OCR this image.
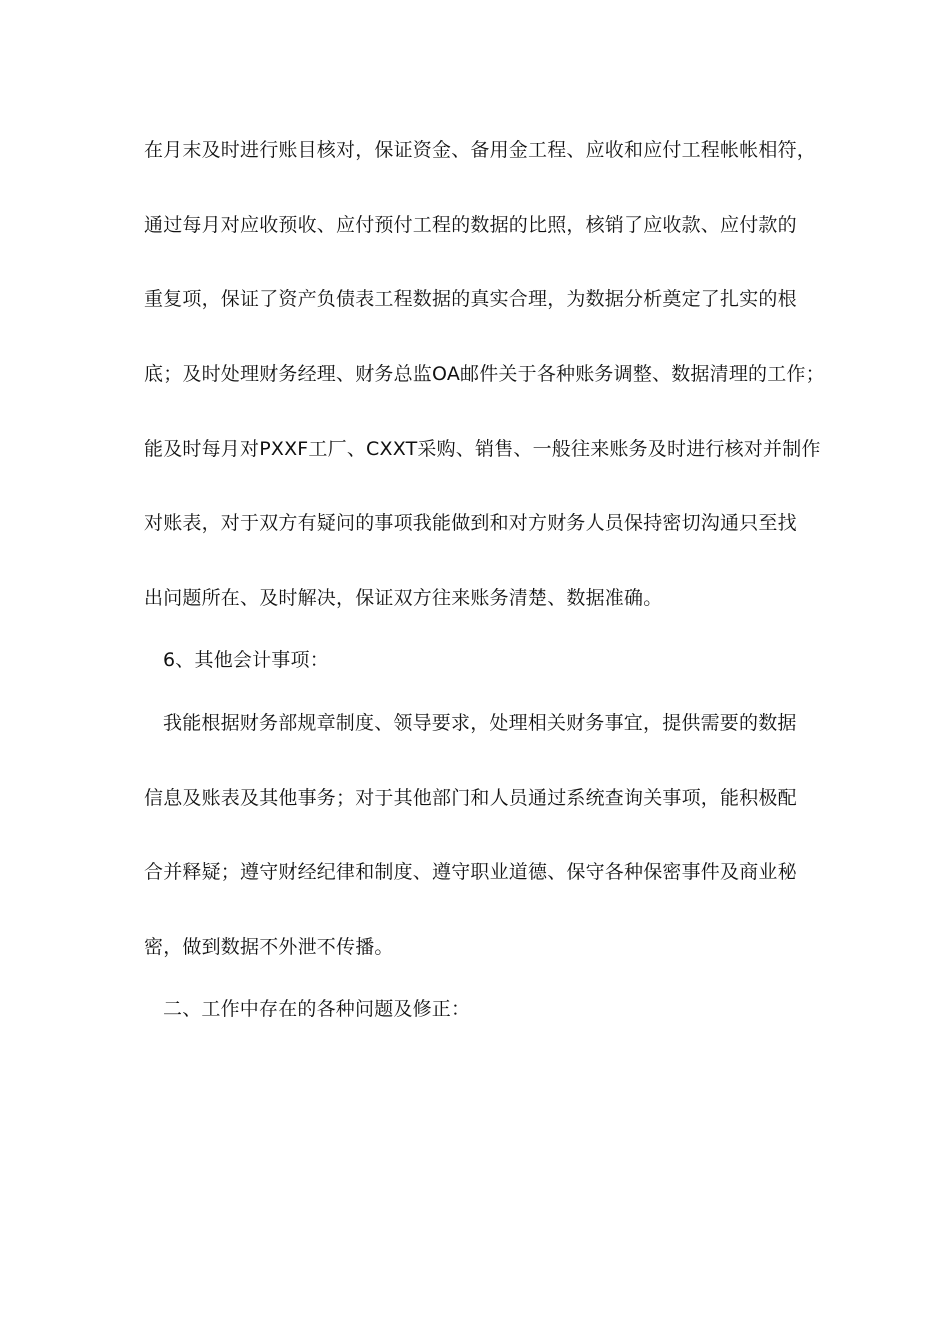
在月末及时进行账目核对，保证资金、备用金工程、应收和应付工程帐帐相符，
通过每月对应收预收、应付预付工程的数据的比照，核销了应收款、应付款的
重复项，保证了资产负债表工程数据的真实合理，为数据分析奠定了扎实的根
底；及时处理财务经理、财务总监OA邮件关于各种账务调整、数据清理的工作；
能及时每月对PXXF工厂、CXXT采购、销售、一般往来账务及时进行核对并制作
对账表，对于双方有疑问的事项我能做到和对方财务人员保持密切沟通只至找
出问题所在、及时解决，保证双方往来账务清楚、数据准确。
6、其他会计事项：
我能根据财务部规章制度、领导要求，处理相关财务事宜，提供需要的数据
信息及账表及其他事务；对于其他部门和人员通过系统查询关事项，能积极配
合并释疑；遵守财经纪律和制度、遵守职业道德、保守各种保密事件及商业秘
密，做到数据不外泄不传播。
二、工作中存在的各种问题及修正：
